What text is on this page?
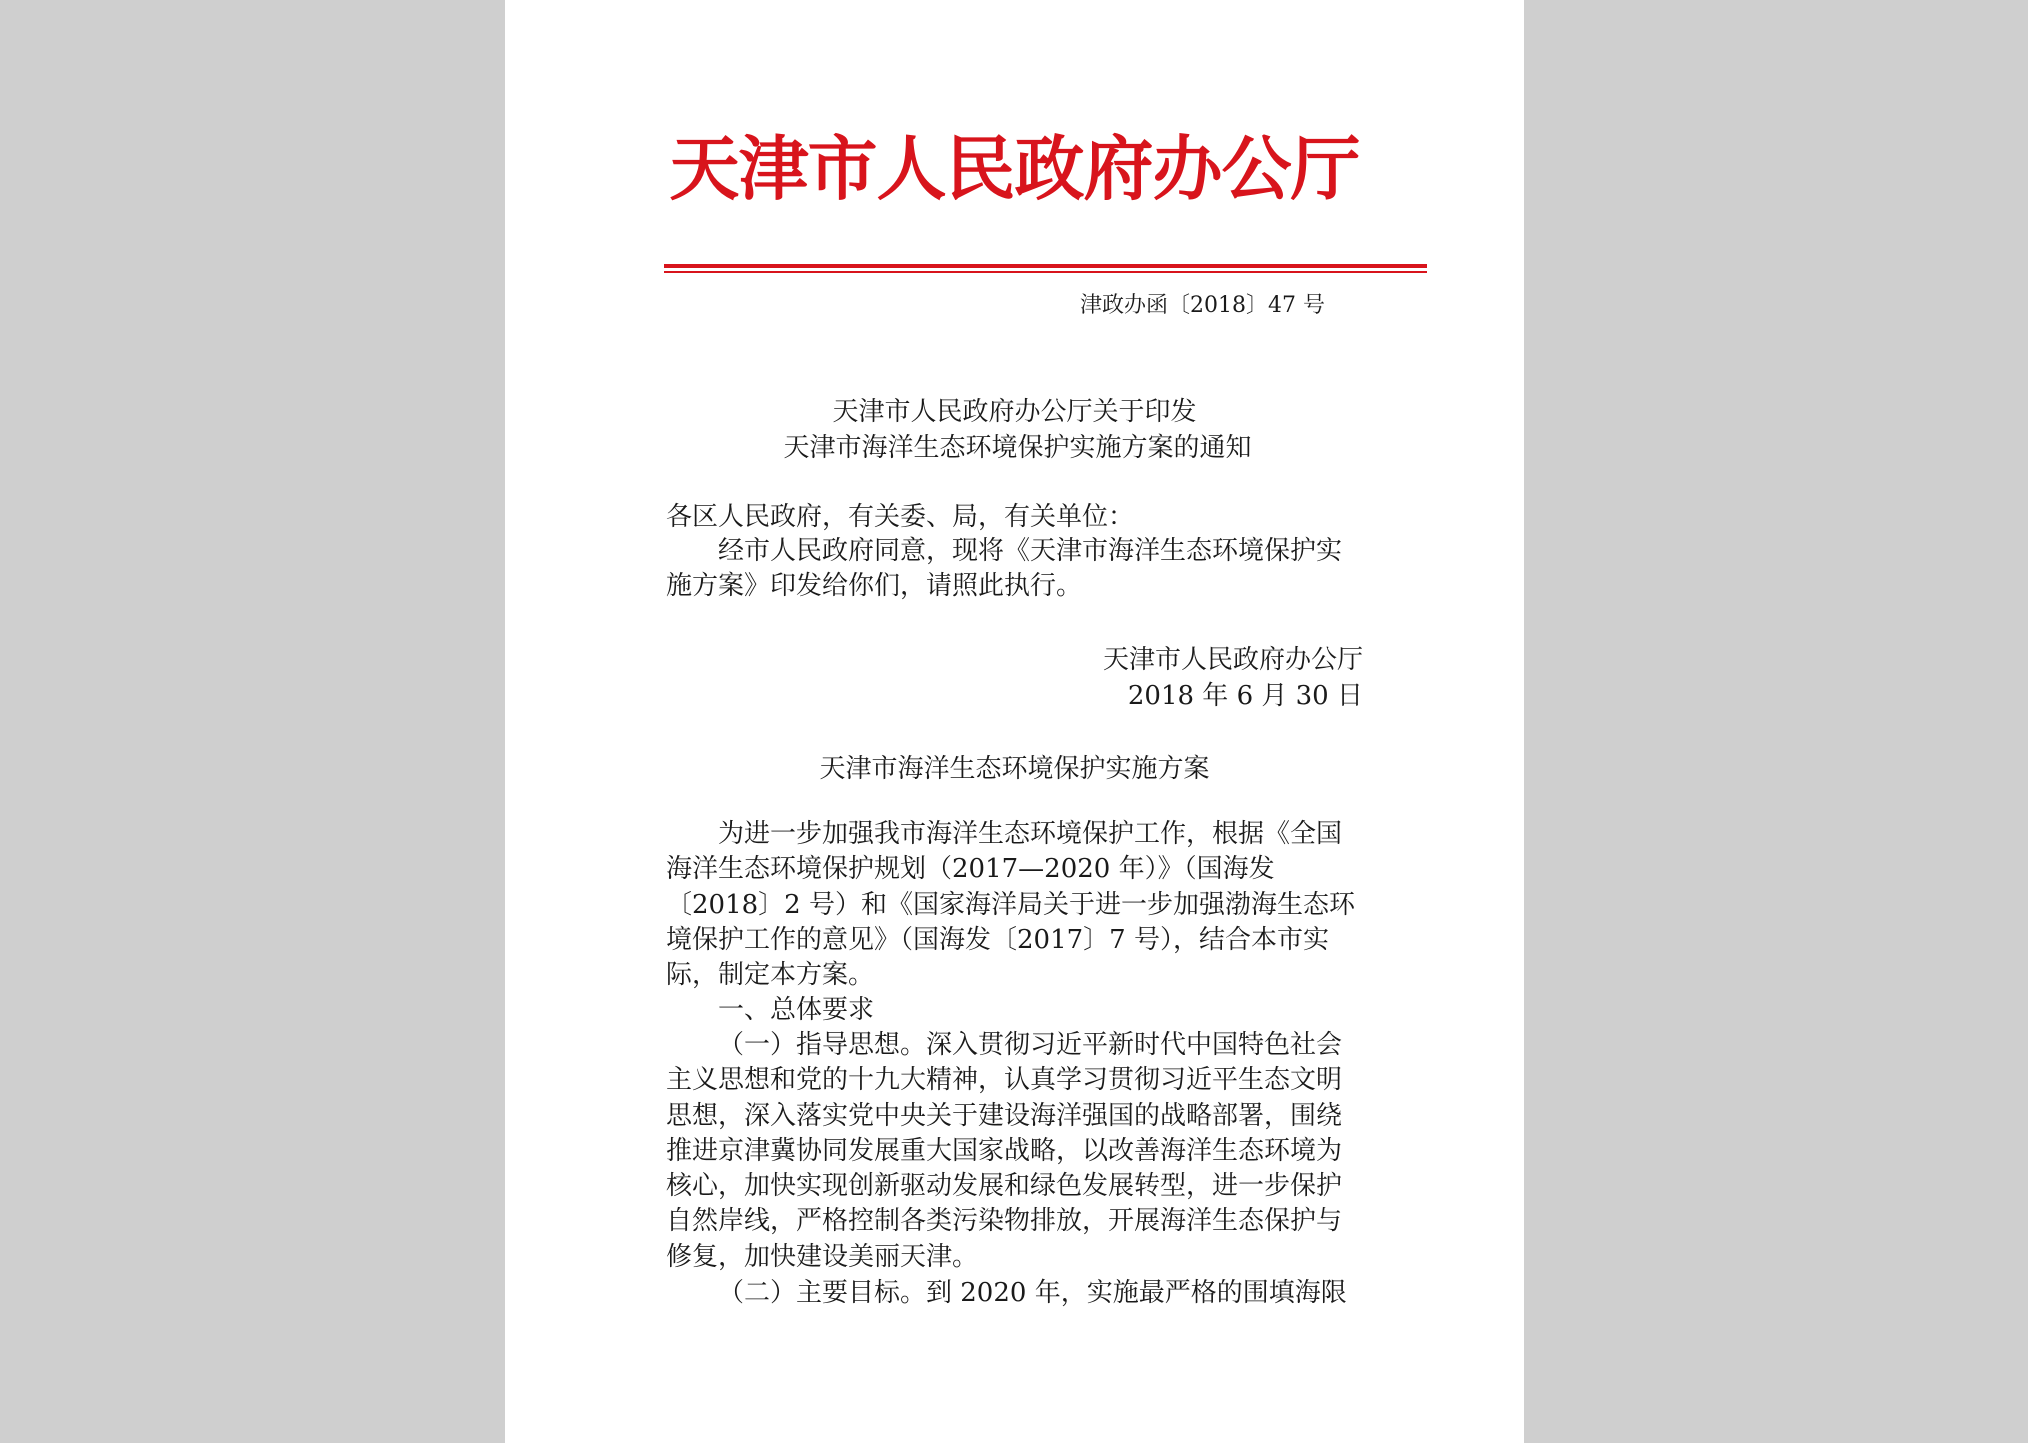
天津市人民政府办公厅
津政办函〔2018〕47 号
天津市人民政府办公厅关于印发
天津市海洋生态环境保护实施方案的通知
各区人民政府，有关委、局，有关单位：
经市人民政府同意，现将《天津市海洋生态环境保护实施方案》印发给你们，请照此执行。
天津市人民政府办公厅
2018 年 6 月 30 日
天津市海洋生态环境保护实施方案
为进一步加强我市海洋生态环境保护工作，根据《全国海洋生态环境保护规划（2017—2020 年）》（国海发〔2018〕2 号）和《国家海洋局关于进一步加强渤海生态环境保护工作的意见》（国海发〔2017〕7 号），结合本市实际，制定本方案。
一、总体要求
（一）指导思想。深入贯彻习近平新时代中国特色社会主义思想和党的十九大精神，认真学习贯彻习近平生态文明思想，深入落实党中央关于建设海洋强国的战略部署，围绕推进京津冀协同发展重大国家战略，以改善海洋生态环境为核心，加快实现创新驱动发展和绿色发展转型，进一步保护自然岸线，严格控制各类污染物排放，开展海洋生态保护与修复，加快建设美丽天津。
（二）主要目标。到 2020 年，实施最严格的围填海限
